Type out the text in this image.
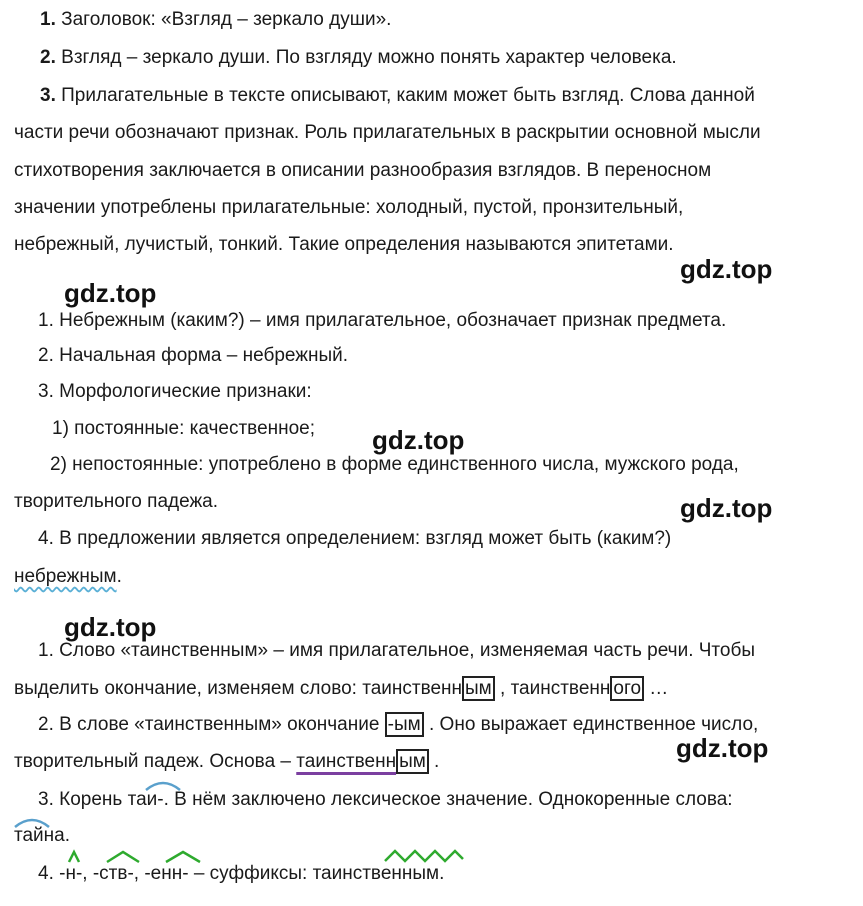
1. Заголовок: «Взгляд – зеркало души».
2. Взгляд – зеркало души. По взгляду можно понять характер человека.
3. Прилагательные в тексте описывают, каким может быть взгляд. Слова данной
части речи обозначают признак. Роль прилагательных в раскрытии основной мысли
стихотворения заключается в описании разнообразия взглядов. В переносном
значении употреблены прилагательные: холодный, пустой, пронзительный,
небрежный, лучистый, тонкий. Такие определения называются эпитетами.
gdz.top
gdz.top
gdz.top
gdz.top
gdz.top
gdz.top
1. Небрежным (каким?) – имя прилагательное, обозначает признак предмета.
2. Начальная форма – небрежный.
3. Морфологические признаки:
1) постоянные: качественное;
2) непостоянные: употреблено в форме единственного числа, мужского рода,
творительного падежа.
4. В предложении является определением: взгляд может быть (каким?)
небрежным.
1. Слово «таинственным» – имя прилагательное, изменяемая часть речи. Чтобы
выделить окончание, изменяем слово: таинственн ым , таинственн ого …
2. В слове «таинственным» окончание -ым . Оно выражает единственное число,
творительный падеж. Основа – таинственн ым .
3. Корень таи-. В нём заключено лексическое значение. Однокоренные слова:
тайна.
4. -н-, -ств-, -енн- – суффиксы: таинственным.
